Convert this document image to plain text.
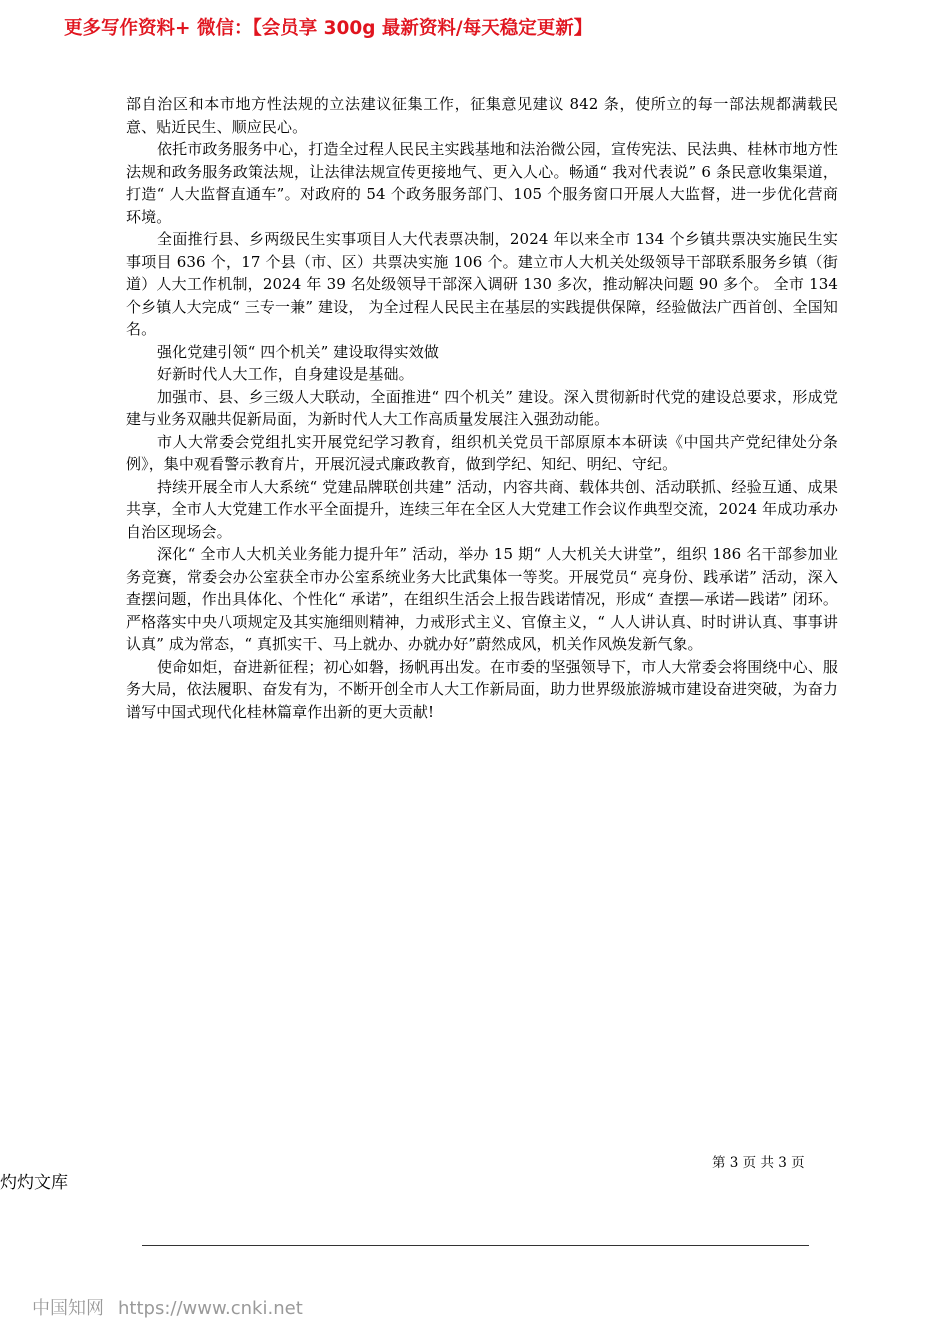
更多写作资料+ 微信：【会员享 300g 最新资料/每天稳定更新】

部自治区和本市地方性法规的立法建议征集工作，征集意见建议 842 条，使所立的每一部法规都满载民意、贴近民生、顺应民心。

依托市政务服务中心，打造全过程人民民主实践基地和法治微公园，宣传宪法、民法典、桂林市地方性法规和政务服务政策法规，让法律法规宣传更接地气、更入人心。畅通“ 我对代表说” 6 条民意收集渠道，打造“ 人大监督直通车”。对政府的 54 个政务服务部门、105 个服务窗口开展人大监督，进一步优化营商环境。

全面推行县、乡两级民生实事项目人大代表票决制，2024 年以来全市 134 个乡镇共票决实施民生实事项目 636 个，17 个县（市、区）共票决实施 106 个。建立市人大机关处级领导干部联系服务乡镇（街道）人大工作机制，2024 年 39 名处级领导干部深入调研 130 多次，推动解决问题 90 多个。 全市 134 个乡镇人大完成“ 三专一兼” 建设， 为全过程人民民主在基层的实践提供保障，经验做法广西首创、全国知名。

强化党建引领“ 四个机关” 建设取得实效做

好新时代人大工作，自身建设是基础。

加强市、县、乡三级人大联动，全面推进“ 四个机关” 建设。深入贯彻新时代党的建设总要求，形成党建与业务双融共促新局面，为新时代人大工作高质量发展注入强劲动能。

市人大常委会党组扎实开展党纪学习教育，组织机关党员干部原原本本研读《中国共产党纪律处分条例》，集中观看警示教育片，开展沉浸式廉政教育，做到学纪、知纪、明纪、守纪。

持续开展全市人大系统“ 党建品牌联创共建” 活动，内容共商、载体共创、活动联抓、经验互通、成果共享，全市人大党建工作水平全面提升，连续三年在全区人大党建工作会议作典型交流，2024 年成功承办自治区现场会。

深化“ 全市人大机关业务能力提升年” 活动，举办 15 期“ 人大机关大讲堂”，组织 186 名干部参加业务竞赛，常委会办公室获全市办公室系统业务大比武集体一等奖。开展党员“ 亮身份、践承诺” 活动，深入查摆问题，作出具体化、个性化“ 承诺”，在组织生活会上报告践诺情况，形成“ 查摆—承诺—践诺” 闭环。严格落实中央八项规定及其实施细则精神，力戒形式主义、官僚主义，“ 人人讲认真、时时讲认真、事事讲认真” 成为常态，“ 真抓实干、马上就办、办就办好”蔚然成风，机关作风焕发新气象。

使命如炬，奋进新征程；初心如磐，扬帆再出发。在市委的坚强领导下，市人大常委会将围绕中心、服务大局，依法履职、奋发有为，不断开创全市人大工作新局面，助力世界级旅游城市建设奋进突破，为奋力谱写中国式现代化桂林篇章作出新的更大贡献!

第 3 页 共 3 页
灼灼文库
中国知网 https://www.cnki.net
